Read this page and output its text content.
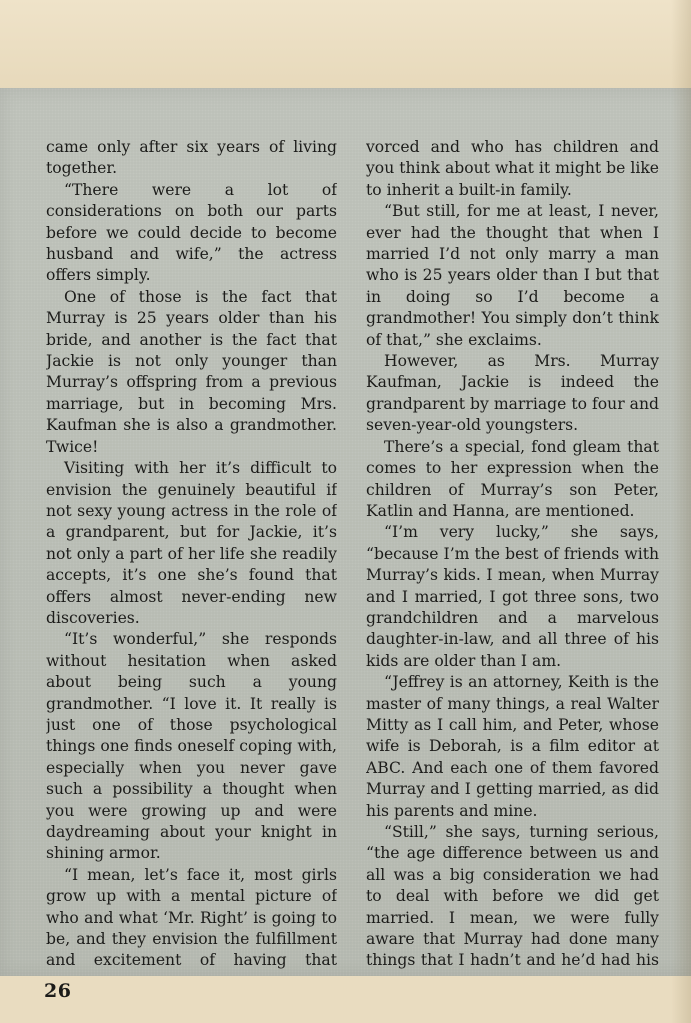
came only after six years of living together.

“There were a lot of considerations on both our parts before we could decide to become husband and wife,” the actress offers simply.

One of those is the fact that Murray is 25 years older than his bride, and another is the fact that Jackie is not only younger than Murray’s offspring from a previous marriage, but in becoming Mrs. Kaufman she is also a grandmother. Twice!

Visiting with her it’s difficult to envision the genuinely beautiful if not sexy young actress in the role of a grandparent, but for Jackie, it’s not only a part of her life she readily accepts, it’s one she’s found that offers almost never-ending new discoveries.

“It’s wonderful,” she responds without hesitation when asked about being such a young grandmother. “I love it. It really is just one of those psychological things one finds oneself coping with, especially when you never gave such a possibility a thought when you were growing up and were daydreaming about your knight in shining armor.

“I mean, let’s face it, most girls grow up with a mental picture of who and what ‘Mr. Right’ is going to be, and they envision the fulfillment and excitement of having that

vorced and who has children and you think about what it might be like to inherit a built-in family.

“But still, for me at least, I never, ever had the thought that when I married I’d not only marry a man who is 25 years older than I but that in doing so I’d become a grandmother! You simply don’t think of that,” she exclaims.

However, as Mrs. Murray Kaufman, Jackie is indeed the grandparent by marriage to four and seven-year-old youngsters.

There’s a special, fond gleam that comes to her expression when the children of Murray’s son Peter, Katlin and Hanna, are mentioned.

“I’m very lucky,” she says, “because I’m the best of friends with Murray’s kids. I mean, when Murray and I married, I got three sons, two grandchildren and a marvelous daughter-in-law, and all three of his kids are older than I am.

“Jeffrey is an attorney, Keith is the master of many things, a real Walter Mitty as I call him, and Peter, whose wife is Deborah, is a film editor at ABC. And each one of them favored Murray and I getting married, as did his parents and mine.

“Still,” she says, turning serious, “the age difference between us and all was a big consideration we had to deal with before we did get married. I mean, we were fully aware that Murray had done many things that I hadn’t and he’d had his

26
